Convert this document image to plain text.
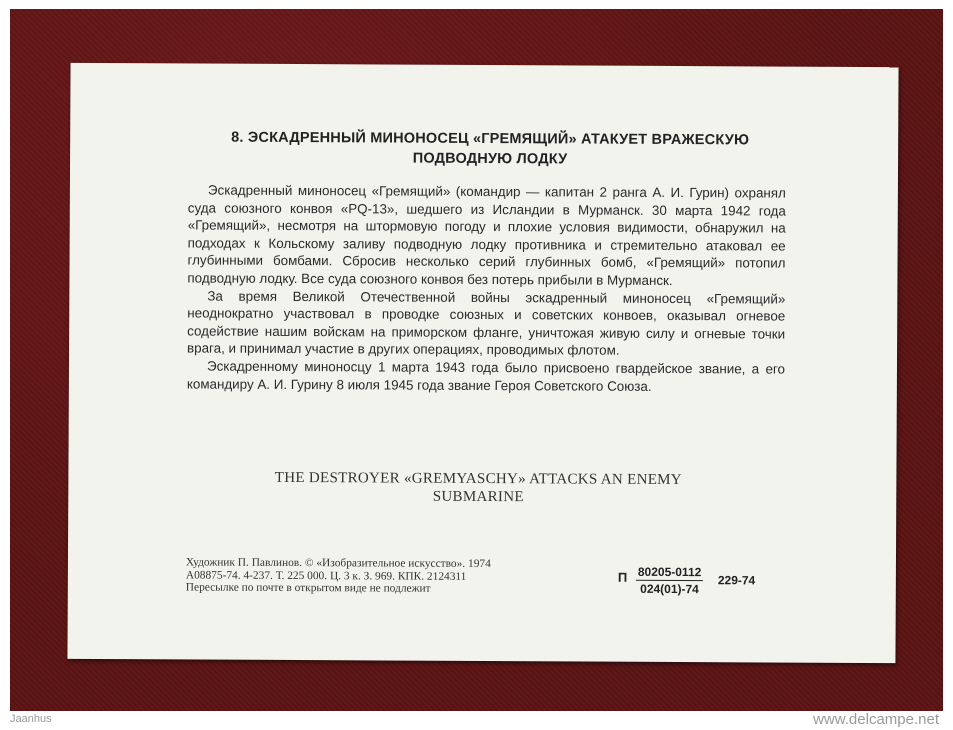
8. ЭСКАДРЕННЫЙ МИНОНОСЕЦ «ГРЕМЯЩИЙ» АТАКУЕТ ВРАЖЕСКУЮ
ПОДВОДНУЮ ЛОДКУ

Эскадренный миноносец «Гремящий» (командир — капитан 2 ранга А. И. Гурин) охранял суда союзного конвоя «PQ-13», шедшего из Исландии в Мурманск. 30 марта 1942 года «Гремящий», несмотря на штормовую погоду и плохие условия видимости, обнаружил на подходах к Кольскому заливу подводную лодку противника и стремительно атаковал ее глубинными бомбами. Сбросив несколько серий глубинных бомб, «Гремящий» потопил подводную лодку. Все суда союзного конвоя без потерь прибыли в Мурманск.

За время Великой Отечественной войны эскадренный миноносец «Гремящий» неоднократно участвовал в проводке союзных и советских конвоев, оказывал огневое содействие нашим войскам на приморском фланге, уничтожая живую силу и огневые точки врага, и принимал участие в других операциях, проводимых флотом.

Эскадренному миноносцу 1 марта 1943 года было присвоено гвардейское звание, а его командиру А. И. Гурину 8 июля 1945 года звание Героя Советского Союза.

THE DESTROYER «GREMYASCHY» ATTACKS AN ENEMY
SUBMARINE
Художник П. Павлинов. © «Изобразительное искусство». 1974
А08875-74. 4-237. Т. 225 000. Ц. 3 к. З. 969. КПК. 2124311
Пересылке по почте в открытом виде не подлежит
П $\frac{80205-0112}{024(01)-74} 229-74$
Jaanhus	www.delcampe.net
